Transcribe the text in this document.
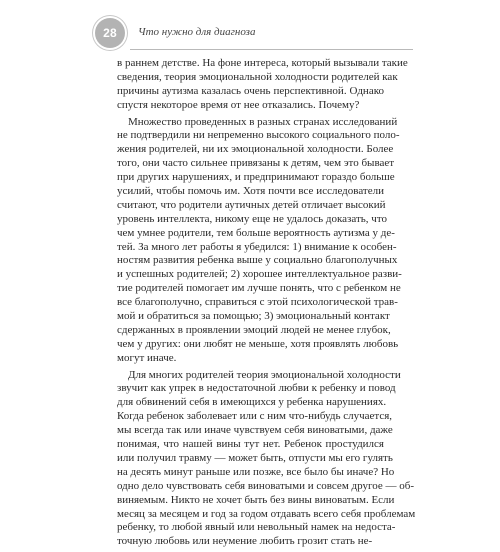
28 Что нужно для диагноза

в раннем детстве. На фоне интереса, который вызывали такие
сведения, теория эмоциональной холодности родителей как
причины аутизма казалась очень перспективной. Однако
спустя некоторое время от нее отказались. Почему?

Множество проведенных в разных странах исследований
не подтвердили ни непременно высокого социального поло-
жения родителей, ни их эмоциональной холодности. Более
того, они часто сильнее привязаны к детям, чем это бывает
при других нарушениях, и предпринимают гораздо больше
усилий, чтобы помочь им. Хотя почти все исследователи
считают, что родители аутичных детей отличает высокий
уровень интеллекта, никому еще не удалось доказать, что
чем умнее родители, тем больше вероятность аутизма у де-
тей. За много лет работы я убедился: 1) внимание к особен-
ностям развития ребенка выше у социально благополучных
и успешных родителей; 2) хорошее интеллектуальное разви-
тие родителей помогает им лучше понять, что с ребенком не
все благополучно, справиться с этой психологической трав-
мой и обратиться за помощью; 3) эмоциональный контакт
сдержанных в проявлении эмоций людей не менее глубок,
чем у других: они любят не меньше, хотя проявлять любовь
могут иначе.

Для многих родителей теория эмоциональной холодности
звучит как упрек в недостаточной любви к ребенку и повод
для обвинений себя в имеющихся у ребенка нарушениях.
Когда ребенок заболевает или с ним что-нибудь случается,
мы всегда так или иначе чувствуем себя виноватыми, даже
понимая, что нашей вины тут нет. Ребенок простудился
или получил травму — может быть, отпусти мы его гулять
на десять минут раньше или позже, все было бы иначе? Но
одно дело чувствовать себя виноватыми и совсем другое — об-
виняемым. Никто не хочет быть без вины виноватым. Если
месяц за месяцем и год за годом отдавать всего себя проблемам
ребенку, то любой явный или невольный намек на недоста-
точную любовь или неумение любить грозит стать не-
